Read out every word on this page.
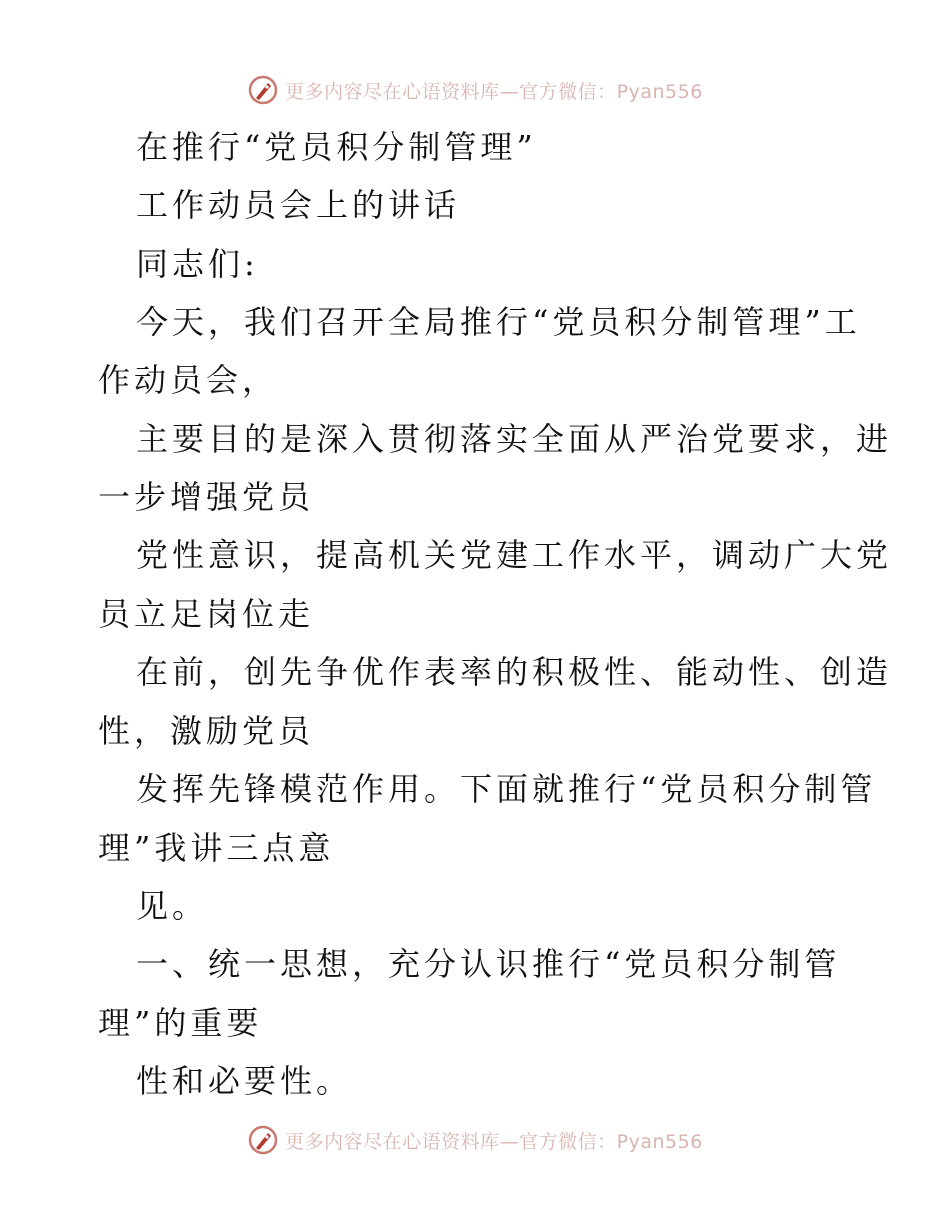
更多内容尽在心语资料库—官方微信：Pyan556
在推行“党员积分制管理”
工作动员会上的讲话
同志们:
今天，我们召开全局推行“党员积分制管理”工
作动员会，
主要目的是深入贯彻落实全面从严治党要求，进
一步增强党员
党性意识，提高机关党建工作水平，调动广大党
员立足岗位走
在前，创先争优作表率的积极性、能动性、创造
性，激励党员
发挥先锋模范作用。下面就推行“党员积分制管
理”我讲三点意
见。
一、统一思想，充分认识推行“党员积分制管
理”的重要
性和必要性。
更多内容尽在心语资料库—官方微信：Pyan556
